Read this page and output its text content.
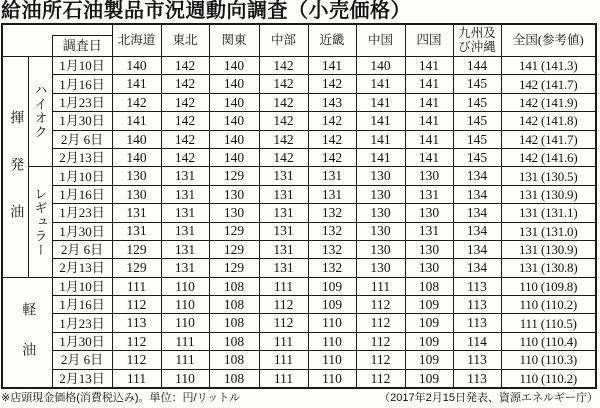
給油所石油製品市況週動向調査（小売価格）

		調査日	北海道	東北	関東	中部	近畿	中国	四国	九州及び沖縄	全国(参考値)
揮発油	ハイオク	1月10日	140	142	140	142	141	140	141	144	141 (141.3)
		1月16日	141	142	140	142	142	141	141	145	142 (141.7)
		1月23日	142	142	140	142	143	141	141	145	142 (141.9)
		1月30日	141	142	140	142	142	141	141	145	142 (141.8)
		2月 6日	140	142	140	142	142	141	141	145	142 (141.7)
		2月13日	140	142	140	142	142	141	141	145	142 (141.6)
	レギュラー	1月10日	130	131	129	131	131	130	130	134	131 (130.5)
		1月16日	130	131	130	131	131	130	131	134	131 (130.9)
		1月23日	131	131	130	131	132	130	130	134	131 (131.1)
		1月30日	131	131	129	131	132	130	131	134	131 (131.0)
		2月 6日	129	131	129	131	132	130	130	134	131 (130.9)
		2月13日	129	131	129	131	132	130	130	134	131 (130.8)
軽油		1月10日	111	110	108	111	109	111	108	113	110 (109.8)
		1月16日	112	110	108	112	109	112	109	113	110 (110.2)
		1月23日	113	110	108	112	110	112	109	113	111 (110.5)
		1月30日	112	111	108	111	110	112	109	114	110 (110.4)
		2月 6日	112	111	108	111	110	112	109	113	110 (110.3)
		2月13日	111	110	108	111	110	112	109	113	110 (110.2)
※店頭現金価格(消費税込み)。単位：円/リットル	（2017年2月15日発表、資源エネルギー庁）
